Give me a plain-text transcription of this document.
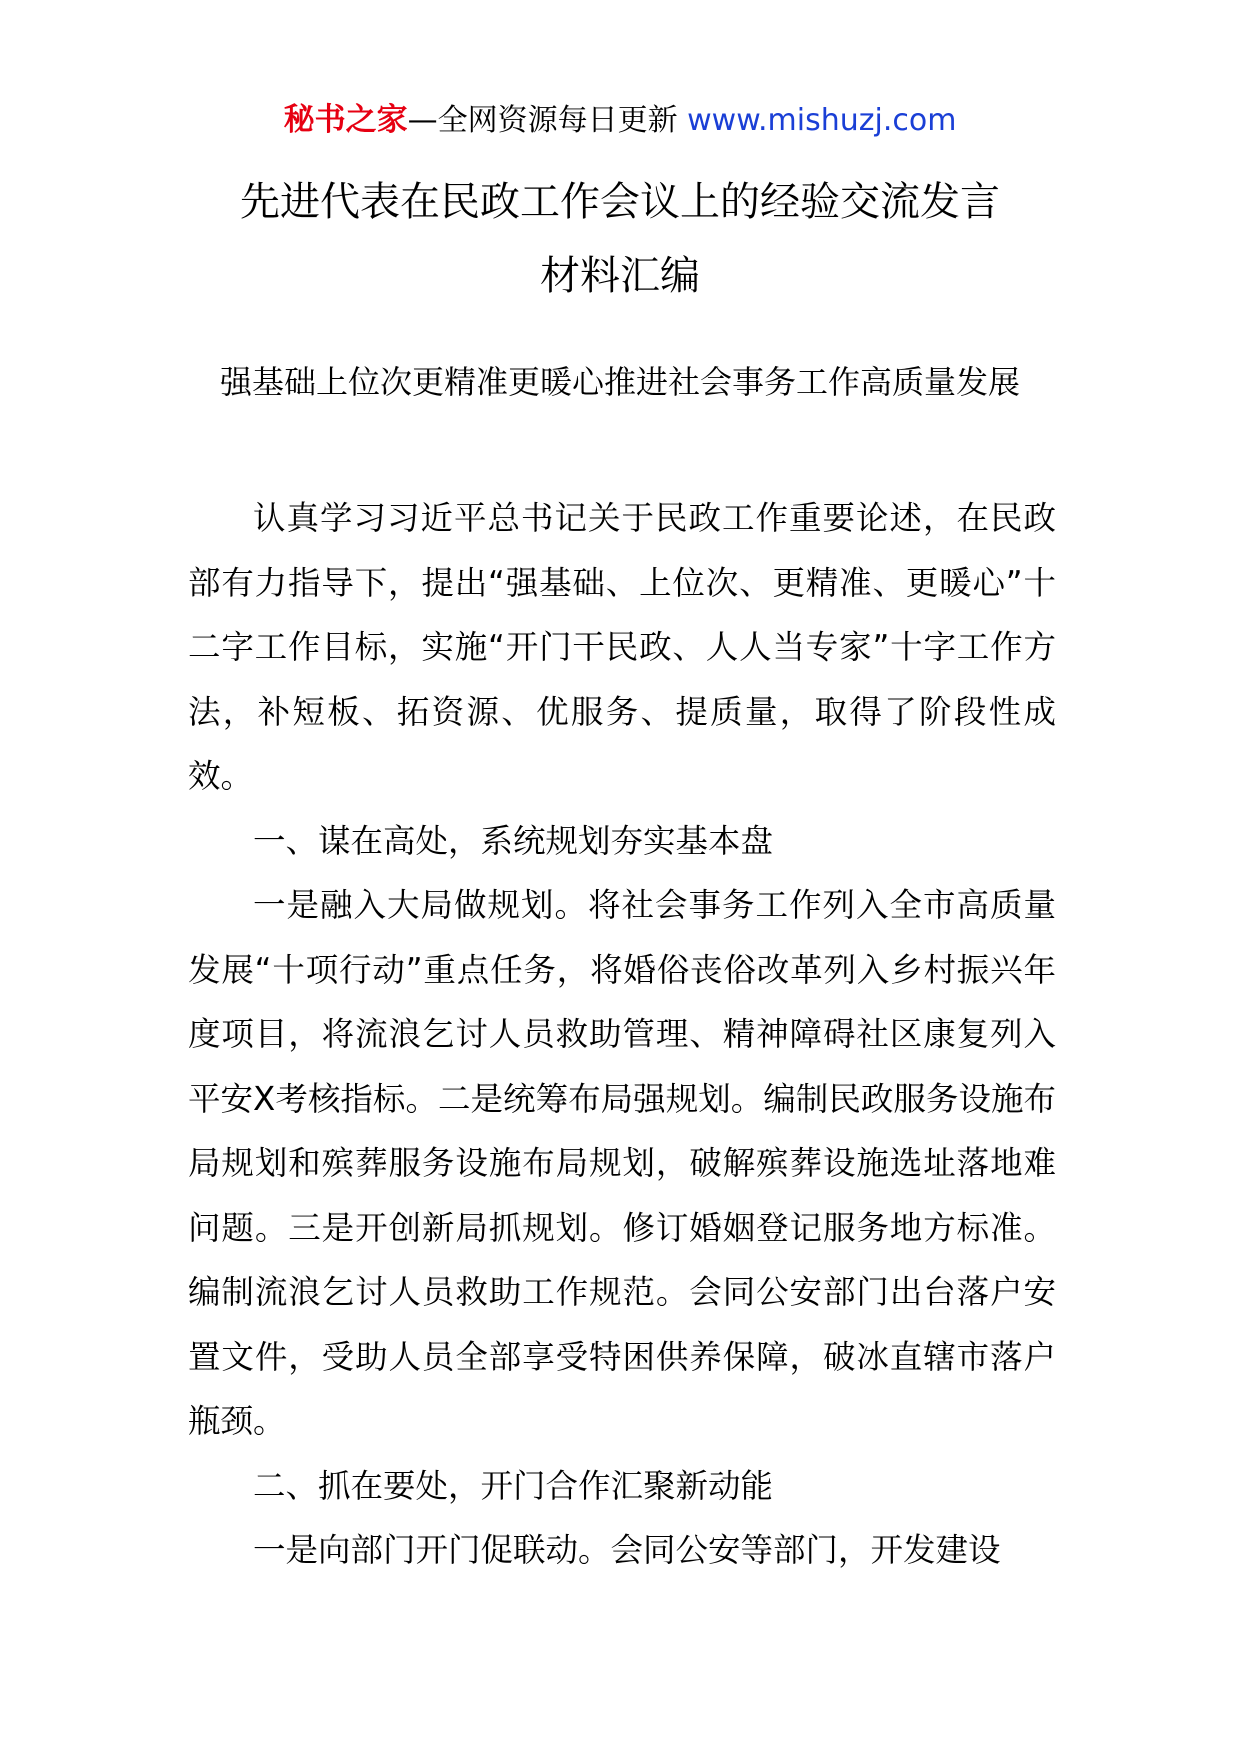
秘书之家—全网资源每日更新 www.mishuzj.com
先进代表在民政工作会议上的经验交流发言
材料汇编
强基础上位次更精准更暖心推进社会事务工作高质量发展

认真学习习近平总书记关于民政工作重要论述，在民政部有力指导下，提出“强基础、上位次、更精准、更暖心”十二字工作目标，实施“开门干民政、人人当专家”十字工作方法，补短板、拓资源、优服务、提质量，取得了阶段性成效。

一、谋在高处，系统规划夯实基本盘

一是融入大局做规划。将社会事务工作列入全市高质量发展“十项行动”重点任务，将婚俗丧俗改革列入乡村振兴年度项目，将流浪乞讨人员救助管理、精神障碍社区康复列入平安X考核指标。二是统筹布局强规划。编制民政服务设施布局规划和殡葬服务设施布局规划，破解殡葬设施选址落地难问题。三是开创新局抓规划。修订婚姻登记服务地方标准。编制流浪乞讨人员救助工作规范。会同公安部门出台落户安置文件，受助人员全部享受特困供养保障，破冰直辖市落户瓶颈。

二、抓在要处，开门合作汇聚新动能

一是向部门开门促联动。会同公安等部门，开发建设
